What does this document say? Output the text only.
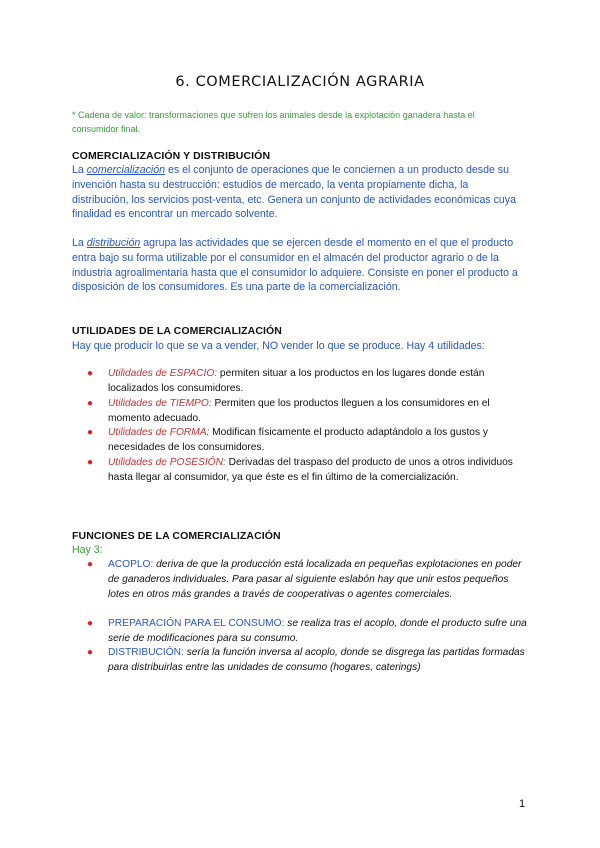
6. COMERCIALIZACIÓN AGRARIA
* Cadena de valor: transformaciones que sufren los animales desde la explotación ganadera hasta el consumidor final.
COMERCIALIZACIÓN Y DISTRIBUCIÓN
La comercialización es el conjunto de operaciones que le conciernen a un producto desde su invención hasta su destrucción: estudios de mercado, la venta propiamente dicha, la distribución, los servicios post-venta, etc. Genera un conjunto de actividades económicas cuya finalidad es encontrar un mercado solvente.
La distribución agrupa las actividades que se ejercen desde el momento en el que el producto entra bajo su forma utilizable por el consumidor en el almacén del productor agrario o de la industria agroalimentaria hasta que el consumidor lo adquiere. Consiste en poner el producto a disposición de los consumidores. Es una parte de la comercialización.
UTILIDADES DE LA COMERCIALIZACIÓN
Hay que producir lo que se va a vender, NO vender lo que se produce. Hay 4 utilidades:
● Utilidades de ESPACIO: permiten situar a los productos en los lugares donde están localizados los consumidores.
● Utilidades de TIEMPO: Permiten que los productos lleguen a los consumidores en el momento adecuado.
● Utilidades de FORMA: Modifican físicamente el producto adaptándolo a los gustos y necesidades de los consumidores.
● Utilidades de POSESIÓN: Derivadas del traspaso del producto de unos a otros individuos hasta llegar al consumidor, ya que éste es el fin último de la comercialización.
FUNCIONES DE LA COMERCIALIZACIÓN
Hay 3:
● ACOPLO: deriva de que la producción está localizada en pequeñas explotaciones en poder de ganaderos individuales. Para pasar al siguiente eslabón hay que unir estos pequeños lotes en otros más grandes a través de cooperativas o agentes comerciales.
● PREPARACIÓN PARA EL CONSUMO: se realiza tras el acoplo, donde el producto sufre una serie de modificaciones para su consumo.
● DISTRIBUCIÓN: sería la función inversa al acoplo, donde se disgrega las partidas formadas para distribuirlas entre las unidades de consumo (hogares, caterings)
1
